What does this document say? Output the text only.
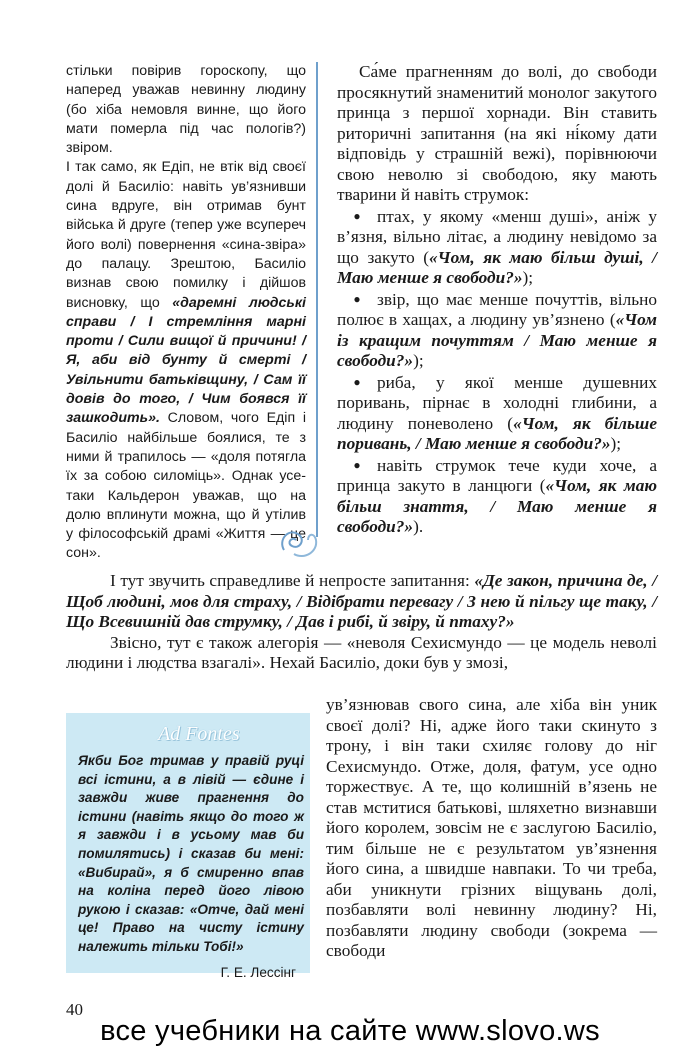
стільки повірив гороскопу, що наперед уважав невинну людину (бо хіба немовля винне, що його мати померла під час пологів?) звіром.

І так само, як Едіп, не втік від своєї долі й Басиліо: навіть ув’язнивши сина вдруге, він отримав бунт війська й друге (тепер уже всупереч його волі) повернення «сина-звіра» до палацу. Зрештою, Басиліо визнав свою помилку і дійшов висновку, що «даремні людські справи / І стремління марні проти / Сили вищої й причини! / Я, аби від бунту й смерті / Увільнити батьківщину, / Сам її довів до того, / Чим боявся її зашкодить». Словом, чого Едіп і Басиліо найбільше боялися, те з ними й трапилось — «доля потягла їх за собою силоміць». Однак усе-таки Кальдерон уважав, що на долю вплинути можна, що й утілив у філософській драмі «Життя — це сон».

Са́ме прагненням до волі, до свободи просякнутий знаменитий монолог закутого принца з першої хорнади. Він ставить риторичні запитання (на які ні́кому дати відповідь у страшній вежі), порівнюючи свою неволю зі свободою, яку мають тварини й навіть струмок:

● птах, у якому «менш душі», аніж у в’язня, вільно літає, а людину невідомо за що закуто («Чом, як маю більш душі, / Маю менше я свободи?»);

● звір, що має менше почуттів, вільно полює в хащах, а людину ув’язнено («Чом із кращим почуттям / Маю менше я свободи?»);

● риба, у якої менше душевних поривань, пірнає в холодні глибини, а людину поневолено («Чом, як більше поривань, / Маю менше я свободи?»);

● навіть струмок тече куди хоче, а принца закуто в ланцюги («Чом, як маю більш знаття, / Маю менше я свободи?»).

І тут звучить справедливе й непросте запитання: «Де закон, причина де, / Щоб людині, мов для страху, / Відібрати перевагу / З нею й пільгу ще таку, / Що Всевишній дав струмку, / Дав і рибі, й звіру, й птаху?»

Звісно, тут є також алегорія — «неволя Сехисмундо — це модель неволі людини і людства взагалі». Нехай Басиліо, доки був у змозі,

ув’язнював свого сина, але хіба він уник своєї долі? Ні, адже його таки скинуто з трону, і він таки схиляє голову до ніг Сехисмундо. Отже, доля, фатум, усе одно торжествує. А те, що колишній в’язень не став мститися батькові, шляхетно визнавши його королем, зовсім не є заслугою Басиліо, тим більше не є результатом ув’язнення його сина, а швидше навпаки. То чи треба, аби уникнути грізних віщувань долі, позбавляти волі невинну людину? Ні, позбавляти людину свободи (зокрема — свободи

Ad Fontes
Якби Бог тримав у правій руці всі істини, а в лівій — єдине і завжди живе прагнення до істини (навіть якщо до того ж я завжди і в усьому мав би помилятись) і сказав би мені: «Вибирай», я б смиренно впав на коліна перед його лівою рукою і сказав: «Отче, дай мені це! Право на чисту істину належить тільки Тобі!»
Г. Е. Лессінг
40
все учебники на сайте www.slovo.ws
